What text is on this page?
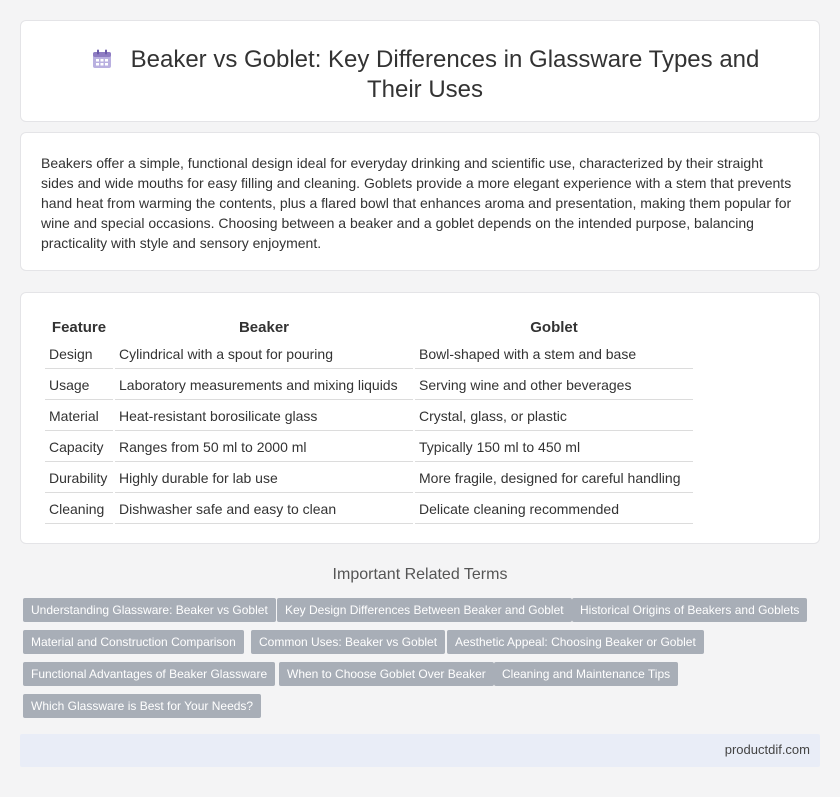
Beaker vs Goblet: Key Differences in Glassware Types and Their Uses

Beakers offer a simple, functional design ideal for everyday drinking and scientific use, characterized by their straight sides and wide mouths for easy filling and cleaning. Goblets provide a more elegant experience with a stem that prevents hand heat from warming the contents, plus a flared bowl that enhances aroma and presentation, making them popular for wine and special occasions. Choosing between a beaker and a goblet depends on the intended purpose, balancing practicality with style and sensory enjoyment.

Feature	Beaker	Goblet
Design	Cylindrical with a spout for pouring	Bowl-shaped with a stem and base
Usage	Laboratory measurements and mixing liquids	Serving wine and other beverages
Material	Heat-resistant borosilicate glass	Crystal, glass, or plastic
Capacity	Ranges from 50 ml to 2000 ml	Typically 150 ml to 450 ml
Durability	Highly durable for lab use	More fragile, designed for careful handling
Cleaning	Dishwasher safe and easy to clean	Delicate cleaning recommended
Important Related Terms
Understanding Glassware: Beaker vs Goblet	Key Design Differences Between Beaker and Goblet	Historical Origins of Beakers and Goblets
Material and Construction Comparison	Common Uses: Beaker vs Goblet	Aesthetic Appeal: Choosing Beaker or Goblet
Functional Advantages of Beaker Glassware	When to Choose Goblet Over Beaker	Cleaning and Maintenance Tips
Which Glassware is Best for Your Needs?
productdif.com
